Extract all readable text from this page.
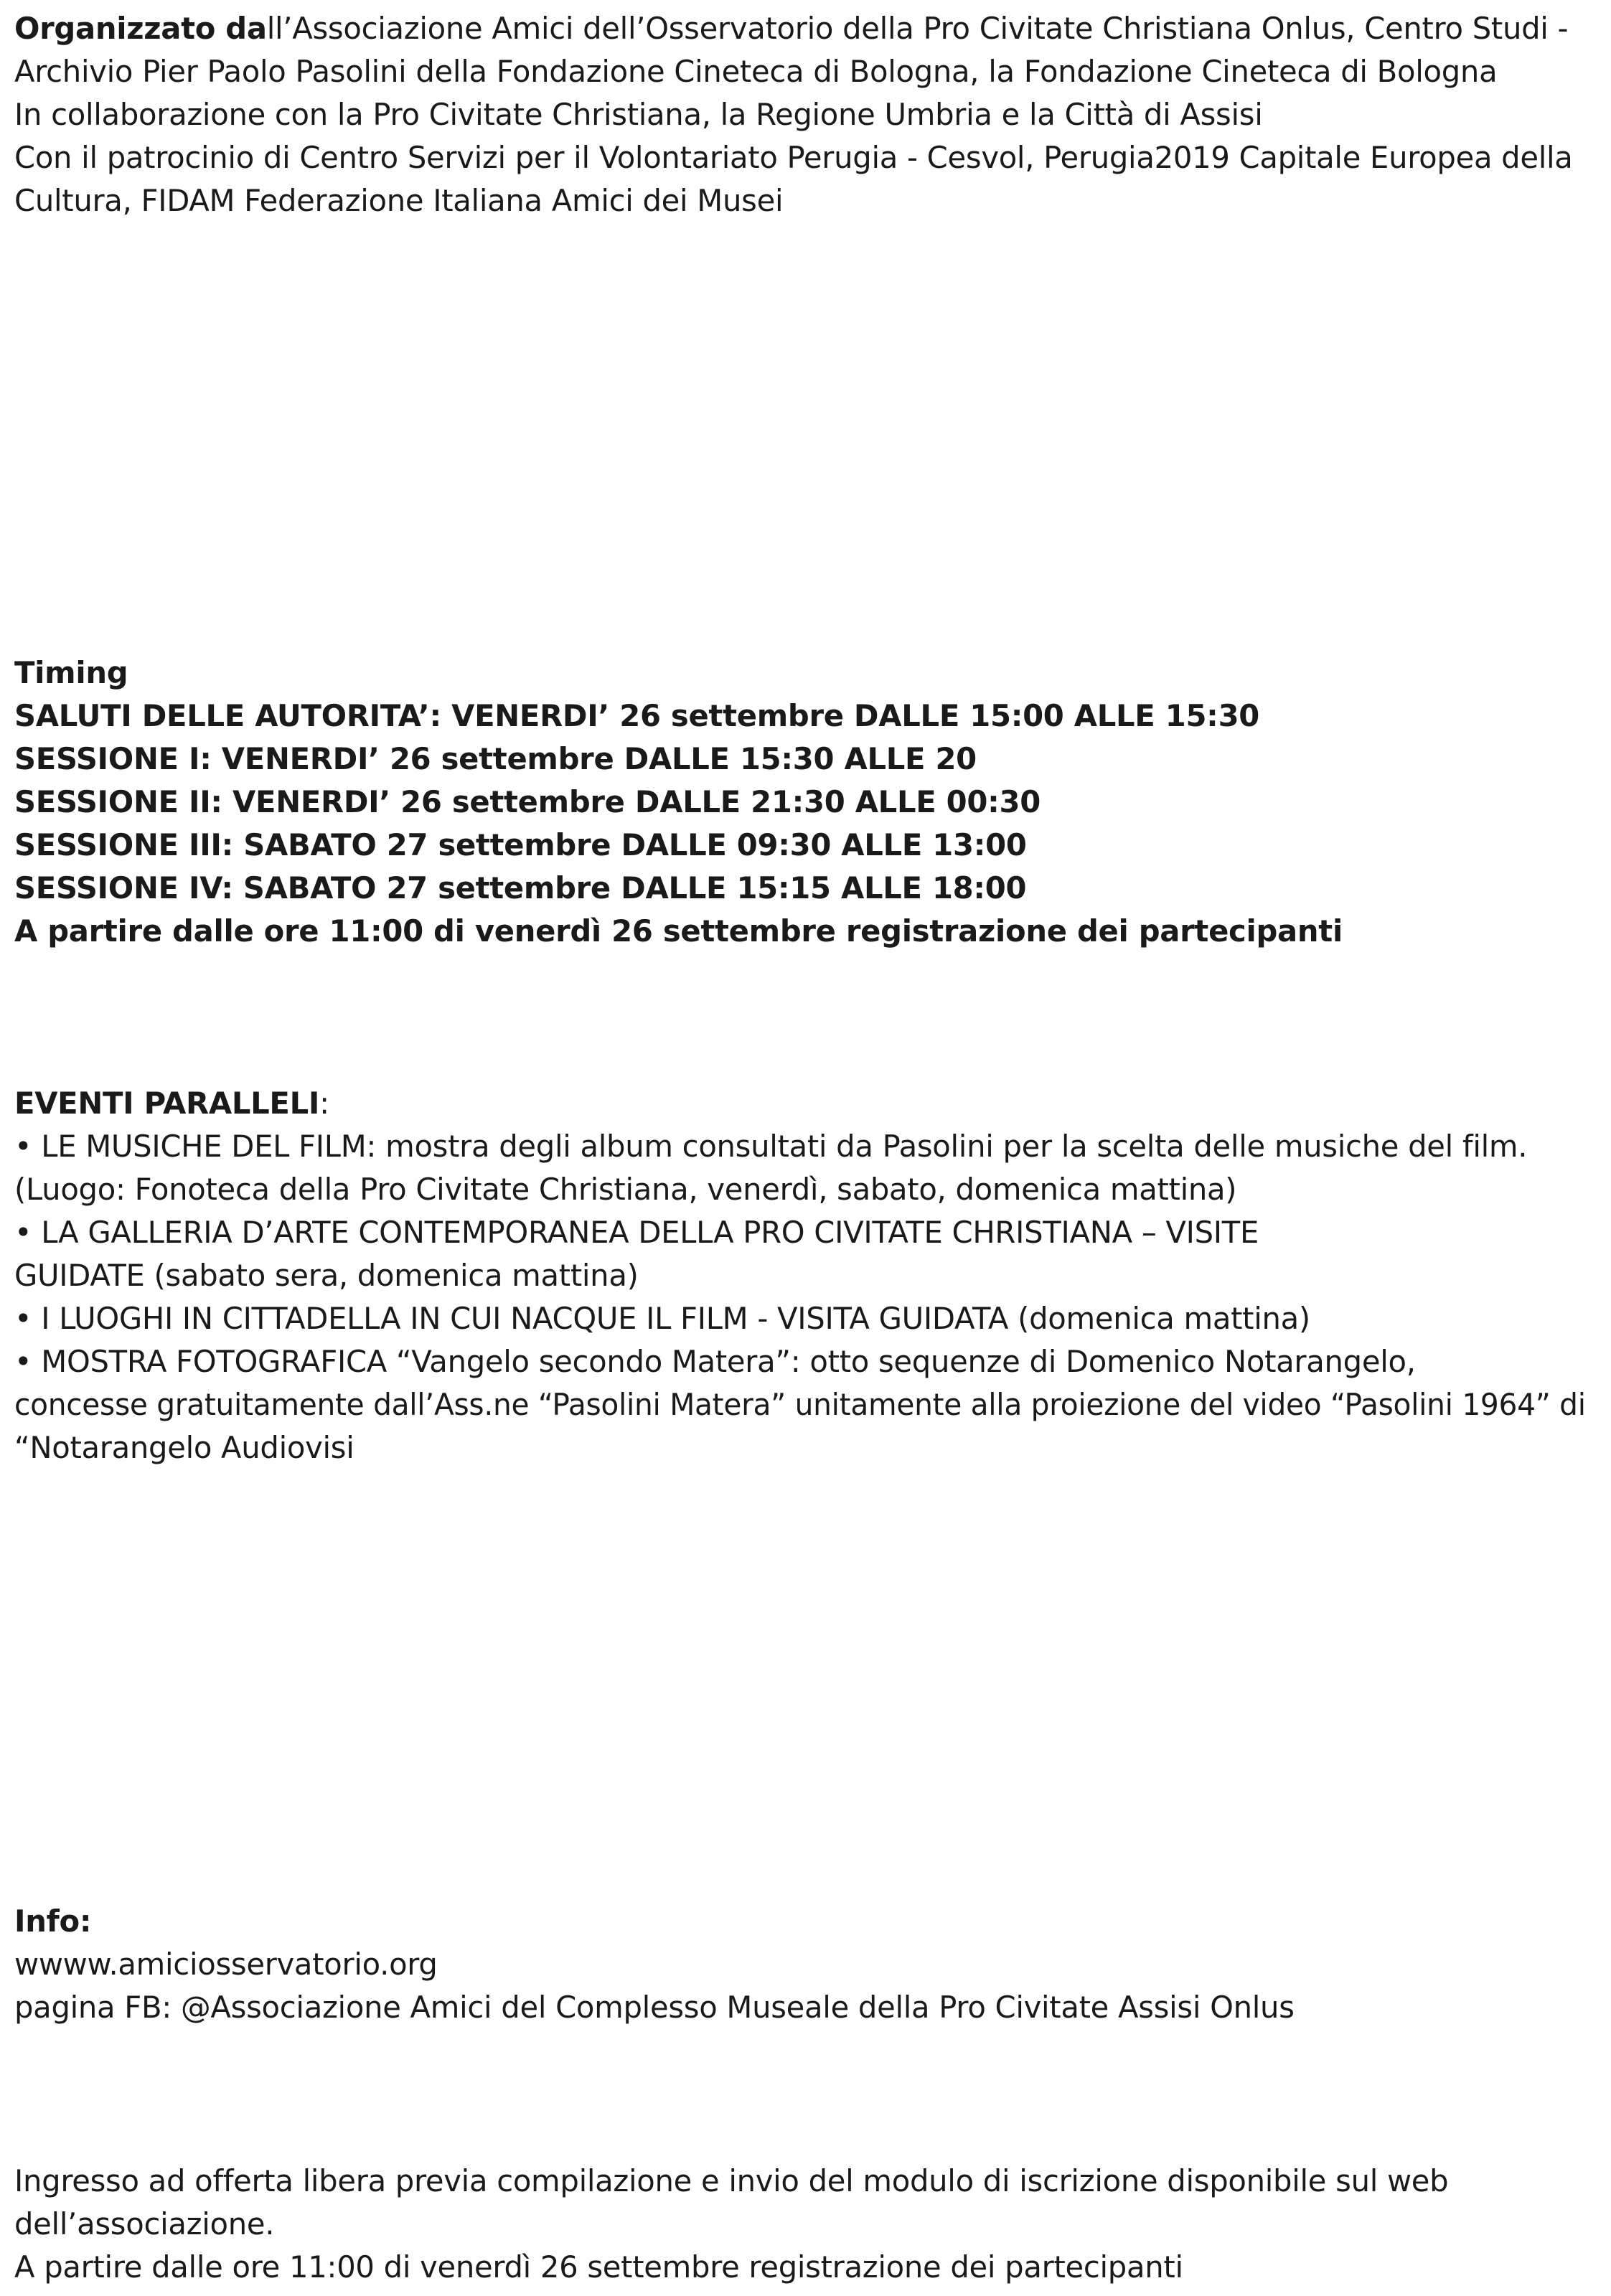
Organizzato dall’Associazione Amici dell’Osservatorio della Pro Civitate Christiana Onlus, Centro Studi -
Archivio Pier Paolo Pasolini della Fondazione Cineteca di Bologna, la Fondazione Cineteca di Bologna
In collaborazione con la Pro Civitate Christiana, la Regione Umbria e la Città di Assisi
Con il patrocinio di Centro Servizi per il Volontariato Perugia - Cesvol, Perugia2019 Capitale Europea della
Cultura, FIDAM Federazione Italiana Amici dei Musei
Timing
SALUTI DELLE AUTORITA’: VENERDI’ 26 settembre DALLE 15:00 ALLE 15:30
SESSIONE I: VENERDI’ 26 settembre DALLE 15:30 ALLE 20
SESSIONE II: VENERDI’ 26 settembre DALLE 21:30 ALLE 00:30
SESSIONE III: SABATO 27 settembre DALLE 09:30 ALLE 13:00
SESSIONE IV: SABATO 27 settembre DALLE 15:15 ALLE 18:00
A partire dalle ore 11:00 di venerdì 26 settembre registrazione dei partecipanti
EVENTI PARALLELI:
• LE MUSICHE DEL FILM: mostra degli album consultati da Pasolini per la scelta delle musiche del film.
(Luogo: Fonoteca della Pro Civitate Christiana, venerdì, sabato, domenica mattina)
• LA GALLERIA D’ARTE CONTEMPORANEA DELLA PRO CIVITATE CHRISTIANA – VISITE
GUIDATE (sabato sera, domenica mattina)
• I LUOGHI IN CITTADELLA IN CUI NACQUE IL FILM - VISITA GUIDATA (domenica mattina)
• MOSTRA FOTOGRAFICA “Vangelo secondo Matera”: otto sequenze di Domenico Notarangelo,
concesse gratuitamente dall’Ass.ne “Pasolini Matera” unitamente alla proiezione del video “Pasolini 1964” di
“Notarangelo Audiovisi
Info:
wwww.amiciosservatorio.org
pagina FB: @Associazione Amici del Complesso Museale della Pro Civitate Assisi Onlus
Ingresso ad offerta libera previa compilazione e invio del modulo di iscrizione disponibile sul web
dell’associazione.
A partire dalle ore 11:00 di venerdì 26 settembre registrazione dei partecipanti
